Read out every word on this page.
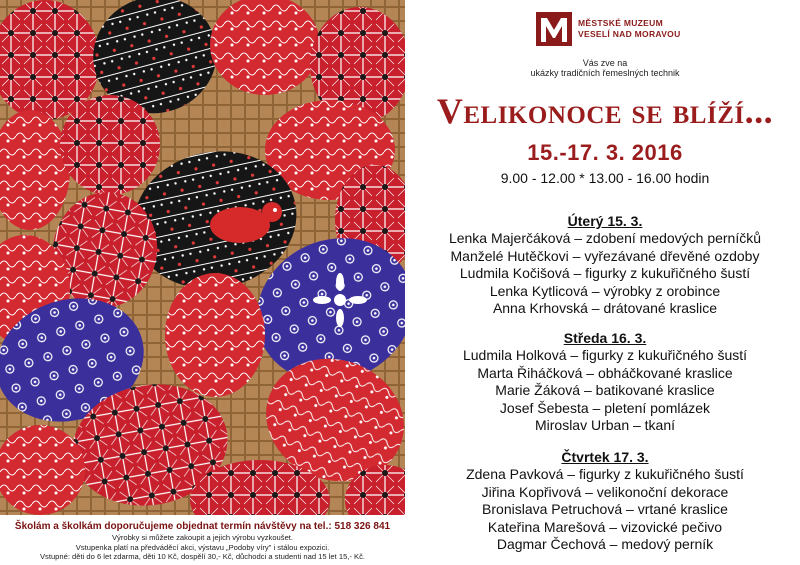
Školám a školkám doporučujeme objednat termín návštěvy na tel.: 518 326 841
Výrobky si můžete zakoupit a jejich výrobu vyzkoušet.
Vstupenka platí na předváděcí akci, výstavu „Podoby víry" i stálou expozici.
Vstupné: děti do 6 let zdarma, děti 10 Kč, dospělí 30,- Kč, důchodci a studenti nad 15 let 15,- Kč.
MĚSTSKÉ MUZEUM
VESELÍ NAD MORAVOU
Vás zve na
ukázky tradičních řemeslných technik
Velikonoce se blíží...
15.-17. 3. 2016
9.00 - 12.00 * 13.00 - 16.00 hodin
Úterý 15. 3.
Lenka Majerčáková – zdobení medových perníčků
Manželé Hutěčkovi – vyřezávané dřevěné ozdoby
Ludmila Kočišová – figurky z kukuřičného šustí
Lenka Kytlicová – výrobky z orobince
Anna Krhovská – drátované kraslice
Středa 16. 3.
Ludmila Holková – figurky z kukuřičného šustí
Marta Řiháčková – obháčkované kraslice
Marie Žáková – batikované kraslice
Josef Šebesta – pletení pomlázek
Miroslav Urban – tkaní
Čtvrtek 17. 3.
Zdena Pavková – figurky z kukuřičného šustí
Jiřina Kopřivová – velikonoční dekorace
Bronislava Petruchová – vrtané kraslice
Kateřina Marešová – vizovické pečivo
Dagmar Čechová – medový perník
